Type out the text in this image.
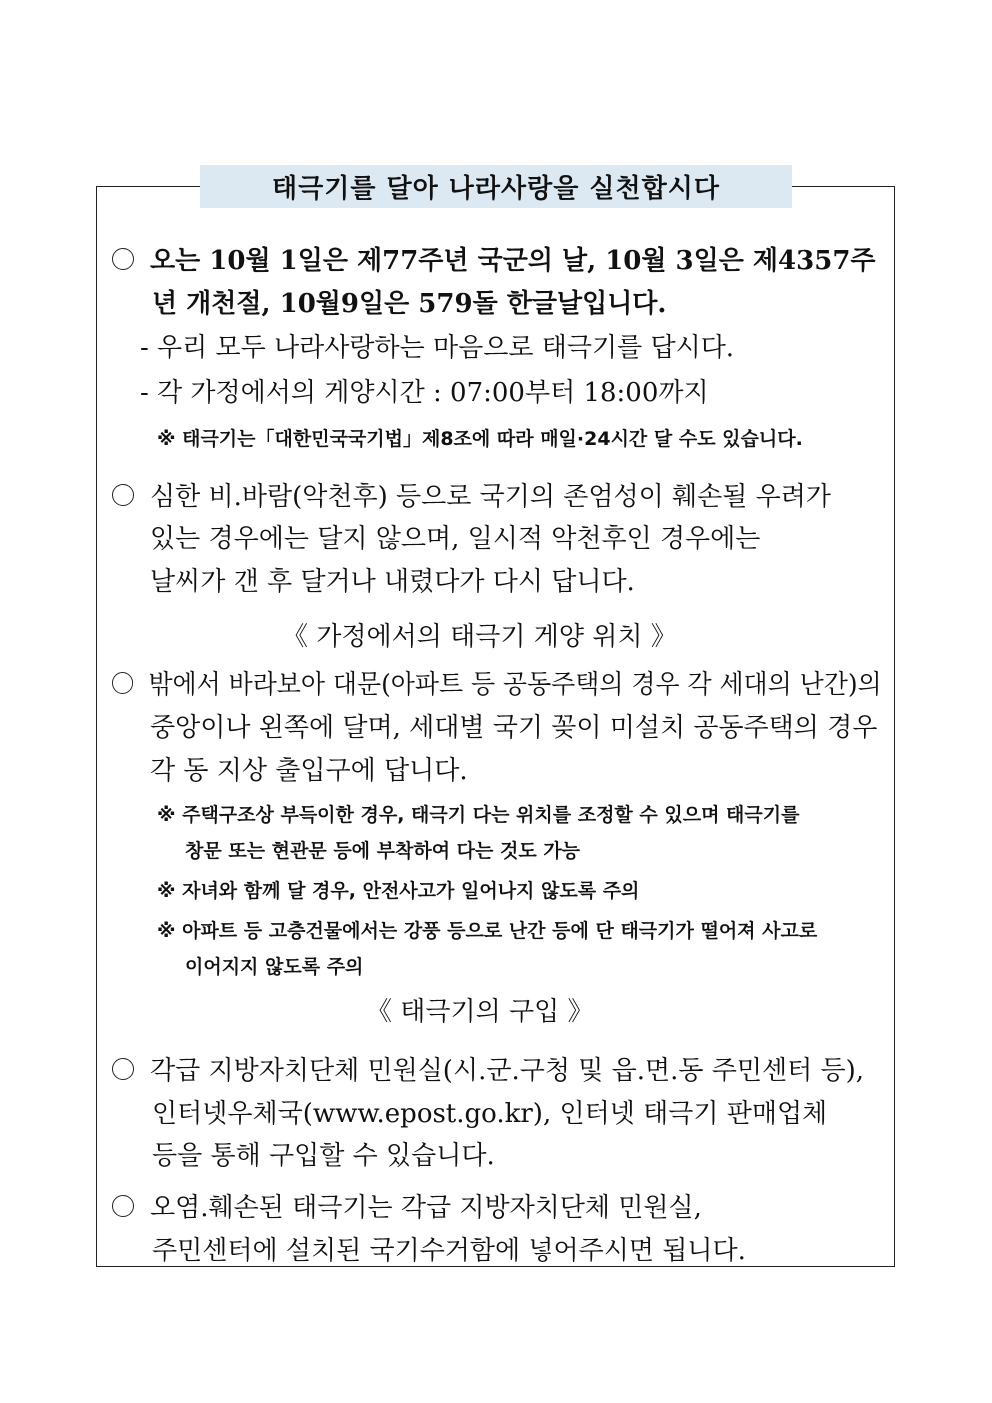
태극기를 달아 나라사랑을 실천합시다
오는 10월 1일은 제77주년 국군의 날, 10월 3일은 제4357주
년 개천절, 10월9일은 579돌 한글날입니다.
- 우리 모두 나라사랑하는 마음으로 태극기를 답시다.
- 각 가정에서의 게양시간 : 07:00부터 18:00까지
※ 태극기는「대한민국국기법」제8조에 따라 매일·24시간 달 수도 있습니다.
심한 비.바람(악천후) 등으로 국기의 존엄성이 훼손될 우려가
있는 경우에는 달지 않으며, 일시적 악천후인 경우에는
날씨가 갠 후 달거나 내렸다가 다시 답니다.
《 가정에서의 태극기 게양 위치 》
밖에서 바라보아 대문(아파트 등 공동주택의 경우 각 세대의 난간)의
중앙이나 왼쪽에 달며, 세대별 국기 꽂이 미설치 공동주택의 경우
각 동 지상 출입구에 답니다.
※ 주택구조상 부득이한 경우, 태극기 다는 위치를 조정할 수 있으며 태극기를
창문 또는 현관문 등에 부착하여 다는 것도 가능
※ 자녀와 함께 달 경우, 안전사고가 일어나지 않도록 주의
※ 아파트 등 고층건물에서는 강풍 등으로 난간 등에 단 태극기가 떨어져 사고로
이어지지 않도록 주의
《 태극기의 구입 》
각급 지방자치단체 민원실(시.군.구청 및 읍.면.동 주민센터 등),
인터넷우체국(www.epost.go.kr), 인터넷 태극기 판매업체
등을 통해 구입할 수 있습니다.
오염.훼손된 태극기는 각급 지방자치단체 민원실,
주민센터에 설치된 국기수거함에 넣어주시면 됩니다.
